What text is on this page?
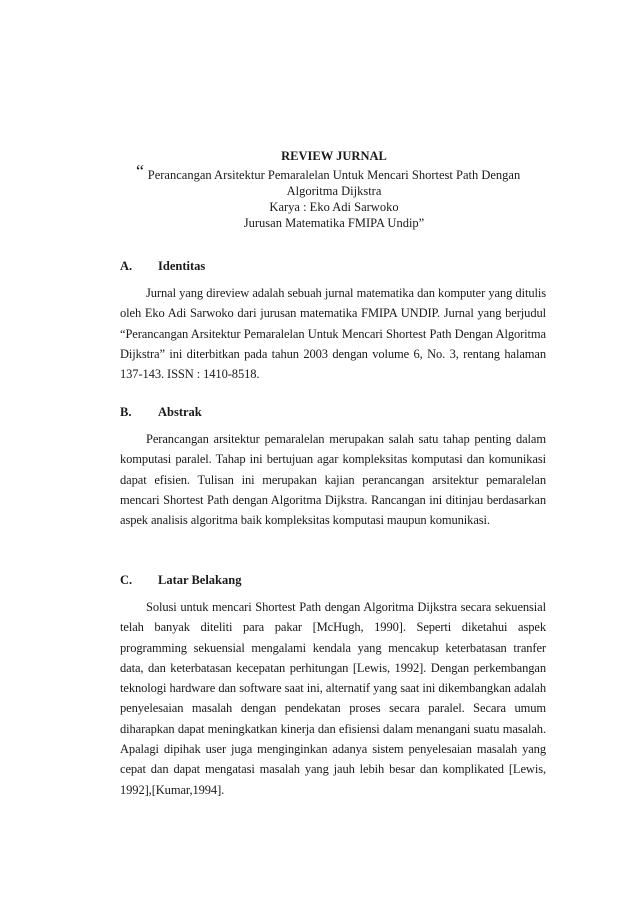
REVIEW JURNAL

“ Perancangan Arsitektur Pemaralelan Untuk Mencari Shortest Path Dengan

Algoritma Dijkstra

Karya : Eko Adi Sarwoko

Jurusan Matematika FMIPA Undip”

A.	Identitas

Jurnal yang direview adalah sebuah jurnal matematika dan komputer yang ditulis oleh Eko Adi Sarwoko dari jurusan matematika FMIPA UNDIP. Jurnal yang berjudul “Perancangan Arsitektur Pemaralelan Untuk Mencari Shortest Path Dengan Algoritma Dijkstra” ini diterbitkan pada tahun 2003 dengan volume 6, No. 3, rentang halaman 137-143. ISSN : 1410-8518.

B.	Abstrak

Perancangan arsitektur pemaralelan merupakan salah satu tahap penting dalam komputasi paralel. Tahap ini bertujuan agar kompleksitas komputasi dan komunikasi dapat efisien. Tulisan ini merupakan kajian perancangan arsitektur pemaralelan mencari Shortest Path dengan Algoritma Dijkstra. Rancangan ini ditinjau berdasarkan aspek analisis algoritma baik kompleksitas komputasi maupun komunikasi.

C.	Latar Belakang

Solusi untuk mencari Shortest Path dengan Algoritma Dijkstra secara sekuensial telah banyak diteliti para pakar [McHugh, 1990]. Seperti diketahui aspek programming sekuensial mengalami kendala yang mencakup keterbatasan tranfer data, dan keterbatasan kecepatan perhitungan [Lewis, 1992]. Dengan perkembangan teknologi hardware dan software saat ini, alternatif yang saat ini dikembangkan adalah penyelesaian masalah dengan pendekatan proses secara paralel. Secara umum diharapkan dapat meningkatkan kinerja dan efisiensi dalam menangani suatu masalah. Apalagi dipihak user juga menginginkan adanya sistem penyelesaian masalah yang cepat dan dapat mengatasi masalah yang jauh lebih besar dan komplikated [Lewis, 1992],[Kumar,1994].
